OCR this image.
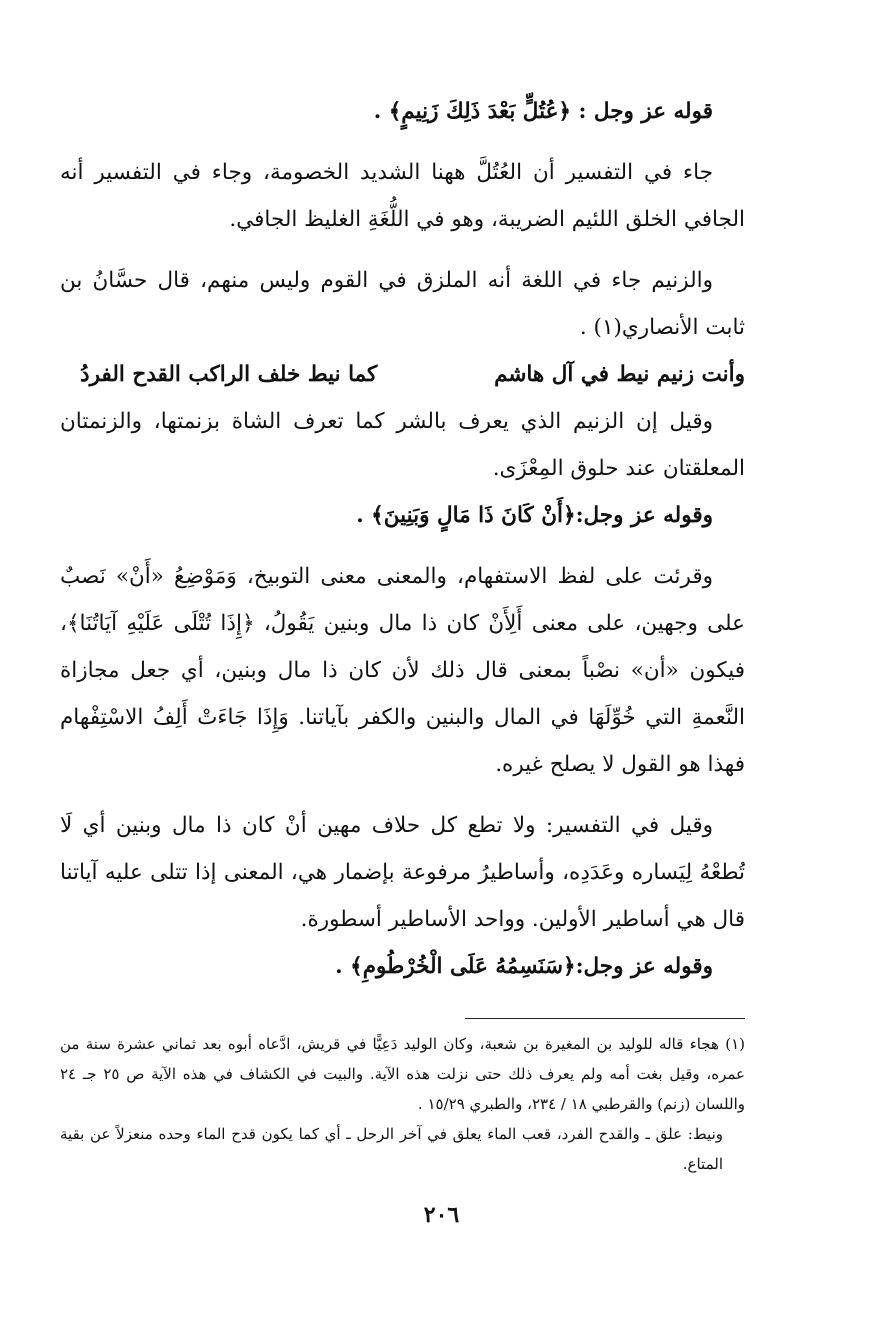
قوله عز وجل : ﴿عُتُلٍّ بَعْدَ ذَلِكَ زَنِيمٍ﴾ .

جاء في التفسير أن العُتُلَّ ههنا الشديد الخصومة، وجاء في التفسير أنه الجافي الخلق اللئيم الضريبة، وهو في اللُّغَةِ الغليظ الجافي.

والزنيم جاء في اللغة أنه الملزق في القوم وليس منهم، قال حسَّانُ بن ثابت الأنصاري(١) .

وأنت زنيم نيط في آل هاشم
كما نيط خلف الراكب القدح الفردُ

وقيل إن الزنيم الذي يعرف بالشر كما تعرف الشاة بزنمتها، والزنمتان المعلقتان عند حلوق المِعْزَى.

وقوله عز وجل:﴿أَنْ كَانَ ذَا مَالٍ وَبَنِينَ﴾ .

وقرئت على لفظ الاستفهام، والمعنى معنى التوبيخ، وَمَوْضِعُ «أَنْ» نَصبٌ على وجهين، على معنى أَلِأَنْ كان ذا مال وبنين يَقُولُ، ﴿إِذَا تُتْلَى عَلَيْهِ آيَاتُنَا﴾، فيكون «أن» نصْباً بمعنى قال ذلك لأن كان ذا مال وبنين، أي جعل مجازاة النَّعمةِ التي خُوِّلَهَا في المال والبنين والكفر بآياتنا. وَإِذَا جَاءَتْ أَلِفُ الاسْتِفْهام فهذا هو القول لا يصلح غيره.

وقيل في التفسير: ولا تطع كل حلاف مهين أنْ كان ذا مال وبنين أي لَا تُطعْهُ لِيَساره وعَدَدِه، وأساطيرُ مرفوعة بإضمار هي، المعنى إذا تتلى عليه آياتنا قال هي أساطير الأولين. وواحد الأساطير أسطورة.

وقوله عز وجل:﴿سَنَسِمُهُ عَلَى الْخُرْطُومِ﴾ .

(١) هجاء قاله للوليد بن المغيرة بن شعبة، وكان الوليد دَعِيًّا في قريش، ادَّعاه أبوه بعد ثماني عشرة سنة من عمره، وقيل بغت أمه ولم يعرف ذلك حتى نزلت هذه الآية. والبيت في الكشاف في هذه الآية ص ٢٥ جـ ٢٤ واللسان (زنم) والقرطبي ١٨ / ٢٣٤، والطبري ١٥/٢٩ .

ونيط: علق ـ والقدح الفرد، قعب الماء يعلق في آخر الرحل ـ أي كما يكون قدح الماء وحده منعزلاً عن بقية المتاع.

٢٠٦
